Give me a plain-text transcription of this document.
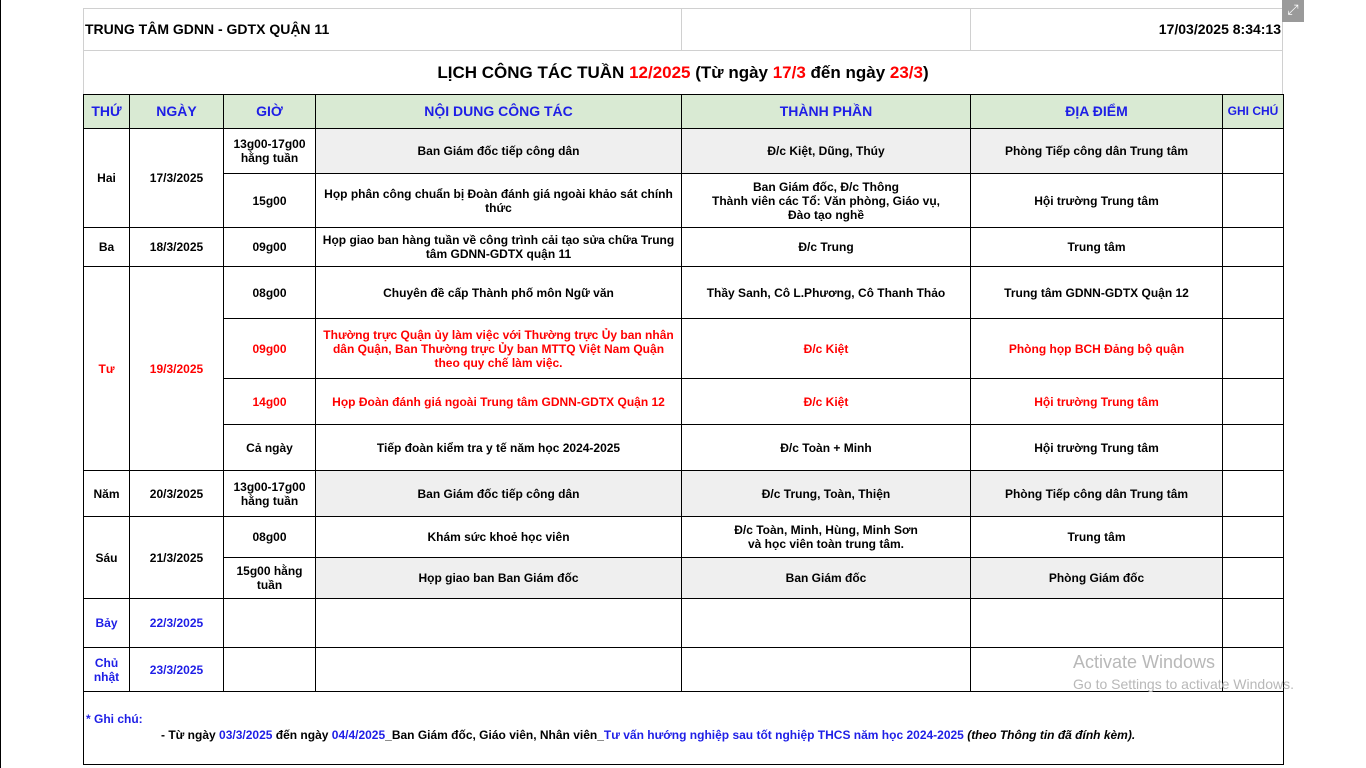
TRUNG TÂM GDNN - GDTX QUẬN 11	17/03/2025 8:34:13
LỊCH CÔNG TÁC TUẦN 12/2025 (Từ ngày 17/3 đến ngày 23/3)
THỨ	NGÀY	GIỜ	NỘI DUNG CÔNG TÁC	THÀNH PHẦN	ĐỊA ĐIỂM	GHI CHÚ
Hai	17/3/2025	13g00-17g00 hằng tuần	Ban Giám đốc tiếp công dân	Đ/c Kiệt, Dũng, Thúy	Phòng Tiếp công dân Trung tâm	
		15g00	Họp phân công chuẩn bị Đoàn đánh giá ngoài khảo sát chính thức	Ban Giám đốc, Đ/c Thông
Thành viên các Tổ: Văn phòng, Giáo vụ,
Đào tạo nghề	Hội trường Trung tâm	
Ba	18/3/2025	09g00	Họp giao ban hàng tuần về công trình cải tạo sửa chữa Trung tâm GDNN-GDTX quận 11	Đ/c Trung	Trung tâm	
Tư	19/3/2025	08g00	Chuyên đề cấp Thành phố môn Ngữ văn	Thầy Sanh, Cô L.Phương, Cô Thanh Thảo	Trung tâm GDNN-GDTX Quận 12	
		09g00	Thường trực Quận ủy làm việc với Thường trực Ủy ban nhân dân Quận, Ban Thường trực Ủy ban MTTQ Việt Nam Quận theo quy chế làm việc.	Đ/c Kiệt	Phòng họp BCH Đảng bộ quận	
		14g00	Họp Đoàn đánh giá ngoài Trung tâm GDNN-GDTX Quận 12	Đ/c Kiệt	Hội trường Trung tâm	
		Cả ngày	Tiếp đoàn kiểm tra y tế năm học 2024-2025	Đ/c Toàn + Minh	Hội trường Trung tâm	
Năm	20/3/2025	13g00-17g00 hằng tuần	Ban Giám đốc tiếp công dân	Đ/c Trung, Toàn, Thiện	Phòng Tiếp công dân Trung tâm	
Sáu	21/3/2025	08g00	Khám sức khoẻ học viên	Đ/c Toàn, Minh, Hùng, Minh Sơn
và học viên toàn trung tâm.	Trung tâm	
		15g00 hằng tuần	Họp giao ban Ban Giám đốc	Ban Giám đốc	Phòng Giám đốc	
Bảy	22/3/2025					
Chủ nhật	23/3/2025					
* Ghi chú:
- Từ ngày 03/3/2025 đến ngày 04/4/2025_Ban Giám đốc, Giáo viên, Nhân viên_Tư vấn hướng nghiệp sau tốt nghiệp THCS năm học 2024-2025 (theo Thông tin đã đính kèm).
Activate Windows
Go to Settings to activate Windows.
⤢
